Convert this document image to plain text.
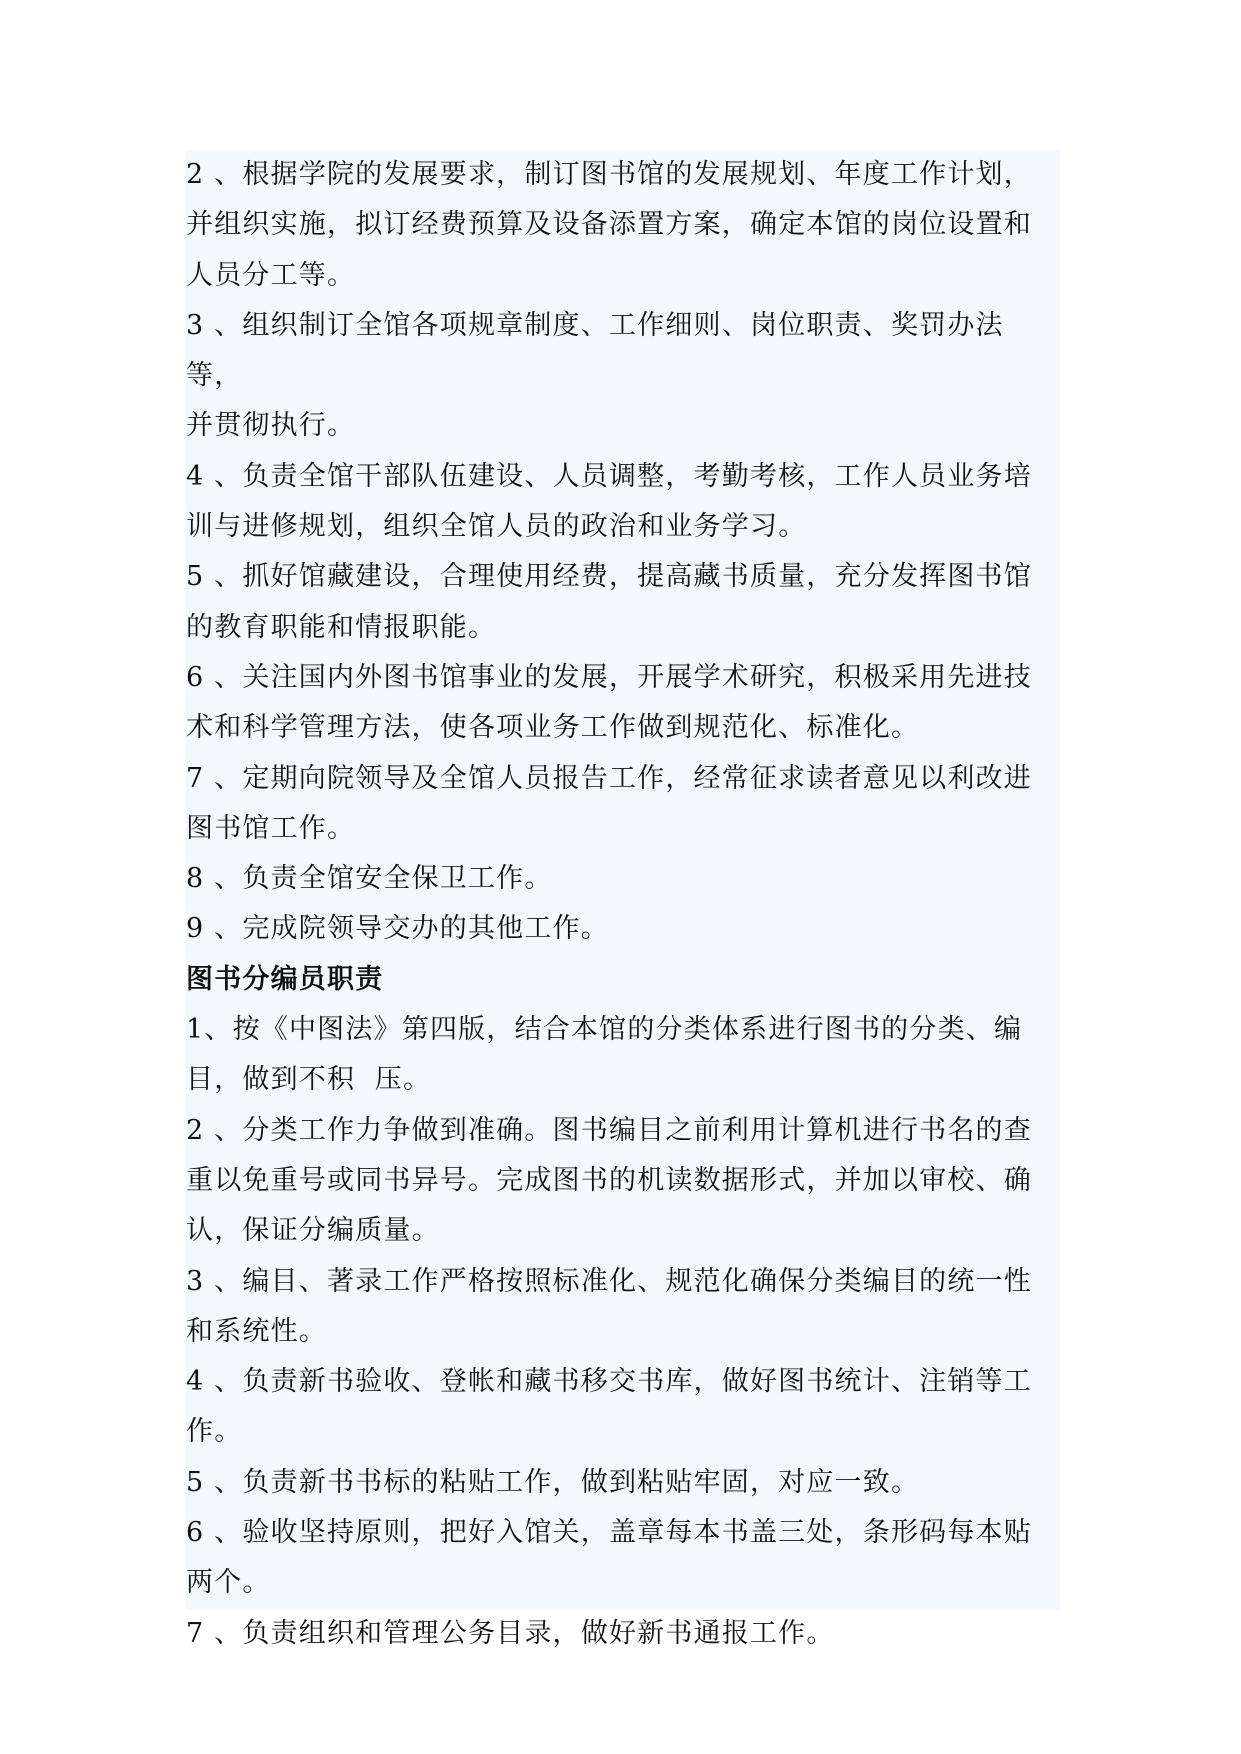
2 、根据学院的发展要求，制订图书馆的发展规划、年度工作计划，

并组织实施，拟订经费预算及设备添置方案，确定本馆的岗位设置和

人员分工等。

3 、组织制订全馆各项规章制度、工作细则、岗位职责、奖罚办法等，

并贯彻执行。

4 、负责全馆干部队伍建设、人员调整，考勤考核，工作人员业务培

训与进修规划，组织全馆人员的政治和业务学习。

5 、抓好馆藏建设，合理使用经费，提高藏书质量，充分发挥图书馆

的教育职能和情报职能。

6 、关注国内外图书馆事业的发展，开展学术研究，积极采用先进技

术和科学管理方法，使各项业务工作做到规范化、标准化。

7 、定期向院领导及全馆人员报告工作，经常征求读者意见以利改进

图书馆工作。

8 、负责全馆安全保卫工作。

9 、完成院领导交办的其他工作。

图书分编员职责

1、按《中图法》第四版，结合本馆的分类体系进行图书的分类、编

目，做到不积  压。

2 、分类工作力争做到准确。图书编目之前利用计算机进行书名的查

重以免重号或同书异号。完成图书的机读数据形式，并加以审校、确

认，保证分编质量。

3 、编目、著录工作严格按照标准化、规范化确保分类编目的统一性

和系统性。

4 、负责新书验收、登帐和藏书移交书库，做好图书统计、注销等工

作。

5 、负责新书书标的粘贴工作，做到粘贴牢固，对应一致。

6 、验收坚持原则，把好入馆关，盖章每本书盖三处，条形码每本贴

两个。

7 、负责组织和管理公务目录，做好新书通报工作。
